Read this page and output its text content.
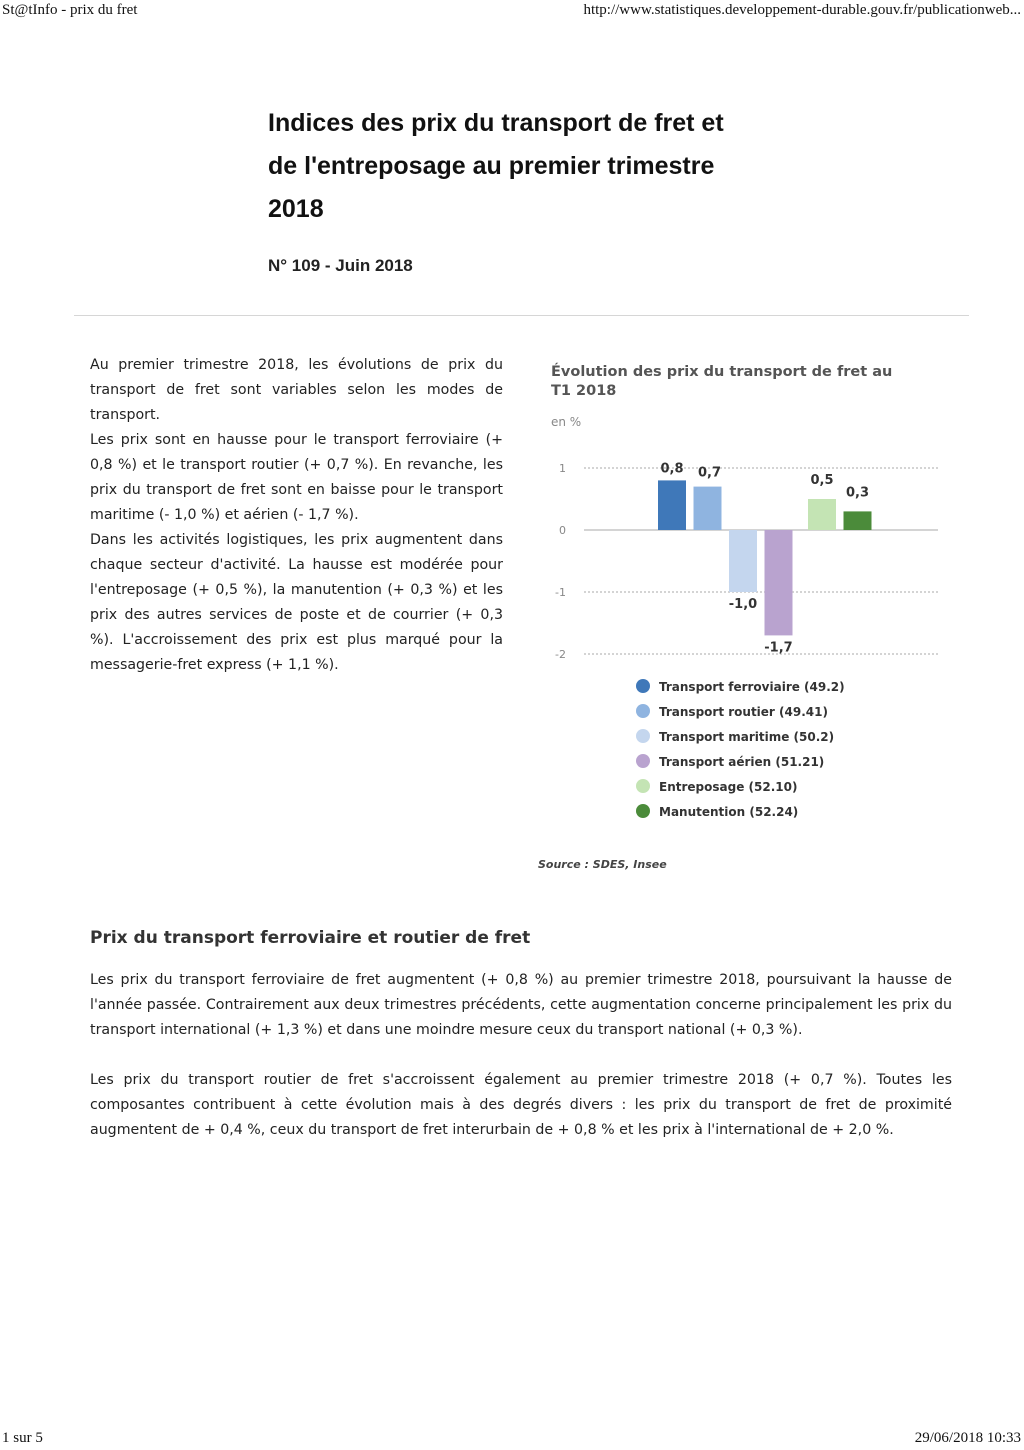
St@tInfo - prix du fret	http://www.statistiques.developpement-durable.gouv.fr/publicationweb...
Indices des prix du transport de fret et de l'entreposage au premier trimestre 2018
N° 109 - Juin 2018

Au premier trimestre 2018, les évolutions de prix du transport de fret sont variables selon les modes de transport.

Les prix sont en hausse pour le transport ferroviaire (+ 0,8 %) et le transport routier (+ 0,7 %). En revanche, les prix du transport de fret sont en baisse pour le transport maritime (- 1,0 %) et aérien (- 1,7 %).

Dans les activités logistiques, les prix augmentent dans chaque secteur d'activité. La hausse est modérée pour l'entreposage (+ 0,5 %), la manutention (+ 0,3 %) et les prix des autres services de poste et de courrier (+ 0,3 %). L'accroissement des prix est plus marqué pour la messagerie-fret express (+ 1,1 %).

Évolution des prix du transport de fret au
T1 2018
en %
1
0
-1
-2
0,8 0,7
-1,0
-1,7
0,5
0,3
Transport ferroviaire (49.2)
Transport routier (49.41)
Transport maritime (50.2)
Transport aérien (51.21)
Entreposage (52.10)
Manutention (52.24)
Source : SDES, Insee
Prix du transport ferroviaire et routier de fret

Les prix du transport ferroviaire de fret augmentent (+ 0,8 %) au premier trimestre 2018, poursuivant la hausse de l'année passée. Contrairement aux deux trimestres précédents, cette augmentation concerne principalement les prix du transport international (+ 1,3 %) et dans une moindre mesure ceux du transport national (+ 0,3 %).

Les prix du transport routier de fret s'accroissent également au premier trimestre 2018 (+ 0,7 %). Toutes les composantes contribuent à cette évolution mais à des degrés divers : les prix du transport de fret de proximité augmentent de + 0,4 %, ceux du transport de fret interurbain de + 0,8 % et les prix à l'international de + 2,0 %.

1 sur 5	29/06/2018 10:33
